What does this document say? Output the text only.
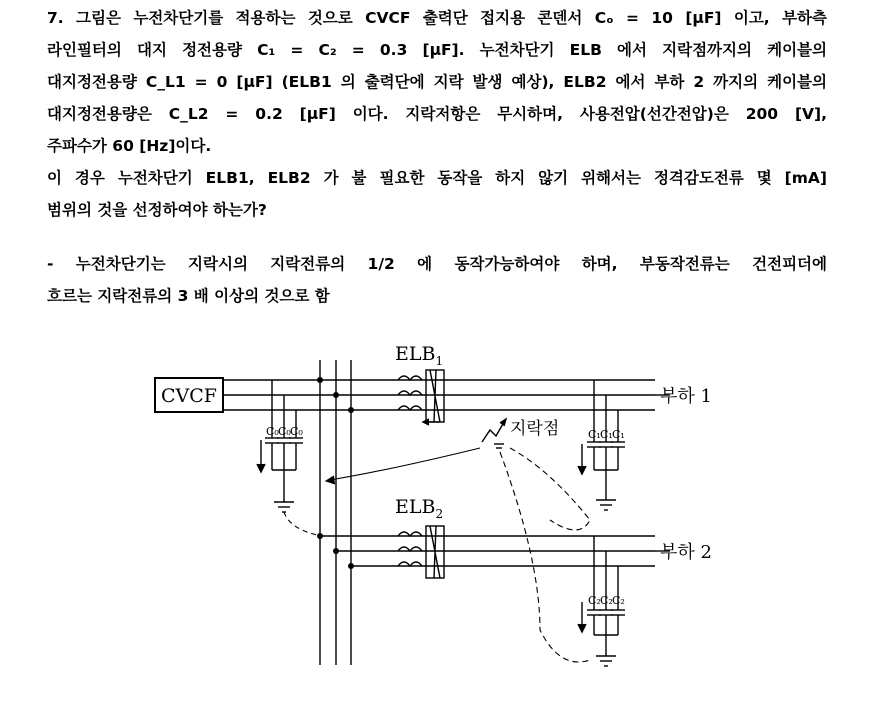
7. 그림은 누전차단기를 적용하는 것으로 CVCF 출력단 접지용 콘덴서 Cₒ = 10 [μF] 이고, 부하측
라인필터의 대지 정전용량 C₁ = C₂ = 0.3 [μF]. 누전차단기 ELB 에서 지락점까지의 케이블의
대지정전용량 C_L1 = 0 [μF] (ELB1 의 출력단에 지락 발생 예상), ELB2 에서 부하 2 까지의 케이블의
대지정전용량은 C_L2 = 0.2 [μF] 이다. 지락저항은 무시하며, 사용전압(선간전압)은 200 [V],
주파수가 60 [Hz]이다.
이 경우 누전차단기 ELB1, ELB2 가 불 필요한 동작을 하지 않기 위해서는 정격감도전류 몇 [mA]
범위의 것을 선정하여야 하는가?
- 누전차단기는 지락시의 지락전류의 1/2 에 동작가능하여야 하며, 부동작전류는 건전피더에
흐르는 지락전류의 3 배 이상의 것으로 함
CVCF
C₀ C₀ C₀
$ELB_1$
부하 1
C₁ C₁ C₁
지락점
$ELB_2$
부하 2
C₂ C₂ C₂
